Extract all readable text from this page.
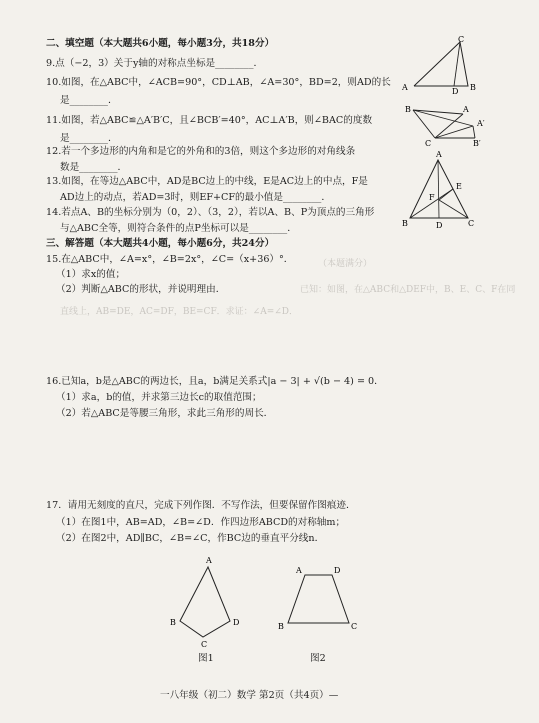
（本题满分）
已知：如图，在△ABC和△DEF中，B、E、C、F在同
直线上，AB=DE，AC=DF，BE=CF．求证：∠A=∠D．
二、填空题（本大题共6小题，每小题3分，共18分）
9.点（−2，3）关于y轴的对称点坐标是________．
10.如图，在△ABC中，∠ACB=90°，CD⊥AB，∠A=30°，BD=2，则AD的长
是________．
11.如图，若△ABC≌△A′B′C，且∠BCB′=40°，AC⊥A′B，则∠BAC的度数
是________．
12.若一个多边形的内角和是它的外角和的3倍，则这个多边形的对角线条
数是________．
13.如图，在等边△ABC中，AD是BC边上的中线，E是AC边上的中点，F是
AD边上的动点，若AD=3时，则EF+CF的最小值是________．
14.若点A、B的坐标分别为（0，2）、（3，2），若以A、B、P为顶点的三角形
与△ABC全等，则符合条件的点P坐标可以是________．
三、解答题（本大题共4小题，每小题6分，共24分）
15.在△ABC中，∠A=x°，∠B=2x°，∠C=（x+36）°．
（1）求x的值；
（2）判断△ABC的形状，并说明理由．
16.已知a，b是△ABC的两边长，且a，b满足关系式|a − 3| + √(b − 4) = 0．
（1）求a，b的值，并求第三边长c的取值范围；
（2）若△ABC是等腰三角形，求此三角形的周长．
17．请用无刻度的直尺，完成下列作图．不写作法，但要保留作图痕迹．
（1）在图1中，AB=AD，∠B=∠D．作四边形ABCD的对称轴m；
（2）在图2中，AD∥BC，∠B=∠C，作BC边的垂直平分线n．
C
A	D B
B
C
A
A′
B′
A
E
F
B	D	C
A
B	D
C
图1
A	D
B	C
图2
一八年级（初二）数学 第2页（共4页）—
